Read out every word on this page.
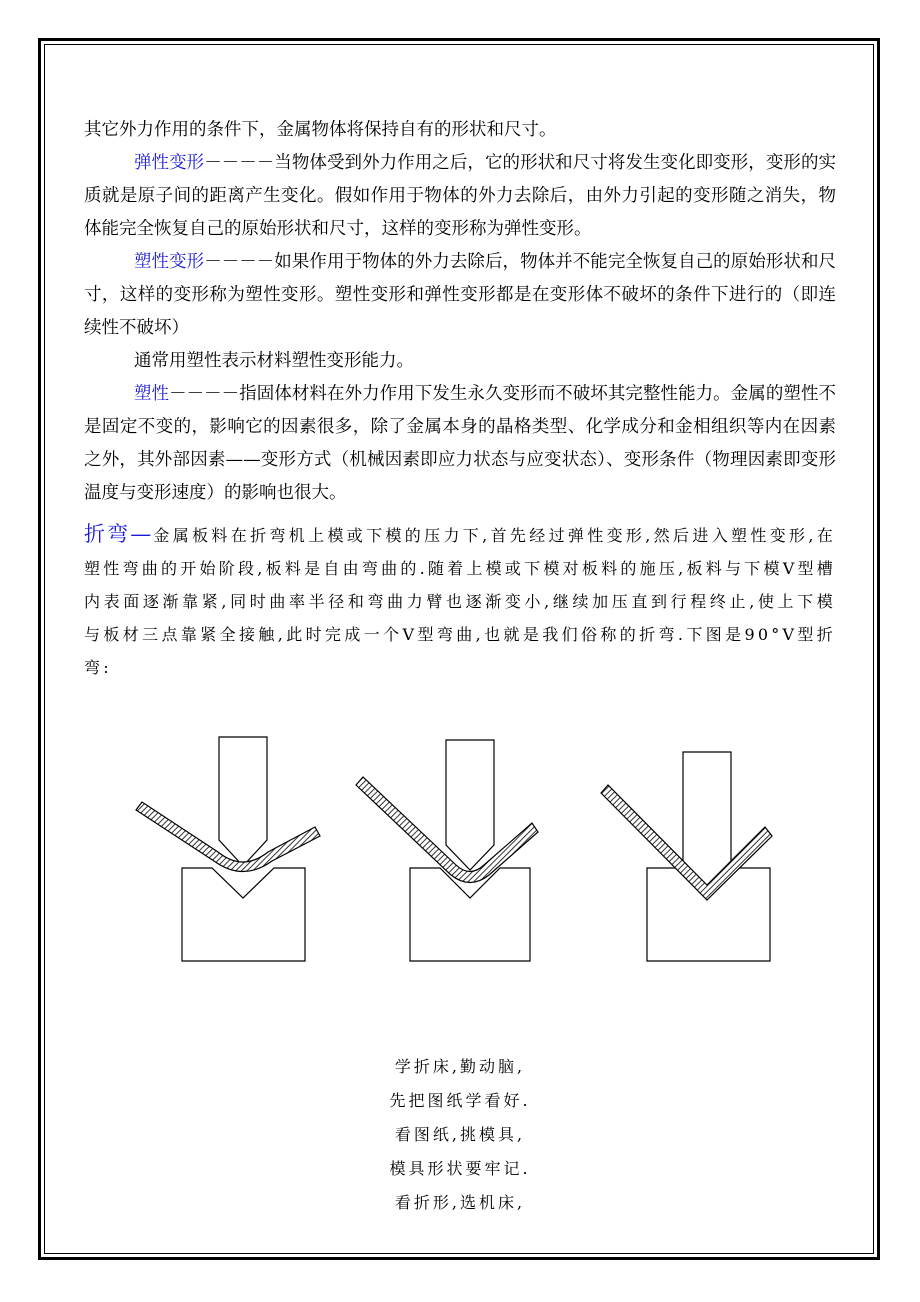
其它外力作用的条件下，金属物体将保持自有的形状和尺寸。

弹性变形－－－－当物体受到外力作用之后，它的形状和尺寸将发生变化即变形，变形的实质就是原子间的距离产生变化。假如作用于物体的外力去除后，由外力引起的变形随之消失，物体能完全恢复自己的原始形状和尺寸，这样的变形称为弹性变形。

塑性变形－－－－如果作用于物体的外力去除后，物体并不能完全恢复自己的原始形状和尺寸，这样的变形称为塑性变形。塑性变形和弹性变形都是在变形体不破坏的条件下进行的（即连续性不破坏）

通常用塑性表示材料塑性变形能力。

塑性－－－－指固体材料在外力作用下发生永久变形而不破坏其完整性能力。金属的塑性不是固定不变的，影响它的因素很多，除了金属本身的晶格类型、化学成分和金相组织等内在因素之外，其外部因素——变形方式（机械因素即应力状态与应变状态）、变形条件（物理因素即变形温度与变形速度）的影响也很大。

折弯—金属板料在折弯机上模或下模的压力下,首先经过弹性变形,然后进入塑性变形,在塑性弯曲的开始阶段,板料是自由弯曲的.随着上模或下模对板料的施压,板料与下模V型槽内表面逐渐靠紧,同时曲率半径和弯曲力臂也逐渐变小,继续加压直到行程终止,使上下模与板材三点靠紧全接触,此时完成一个V型弯曲,也就是我们俗称的折弯.下图是90°V型折弯:

学折床,勤动脑,
先把图纸学看好.
看图纸,挑模具,
模具形状要牢记.
看折形,选机床,
